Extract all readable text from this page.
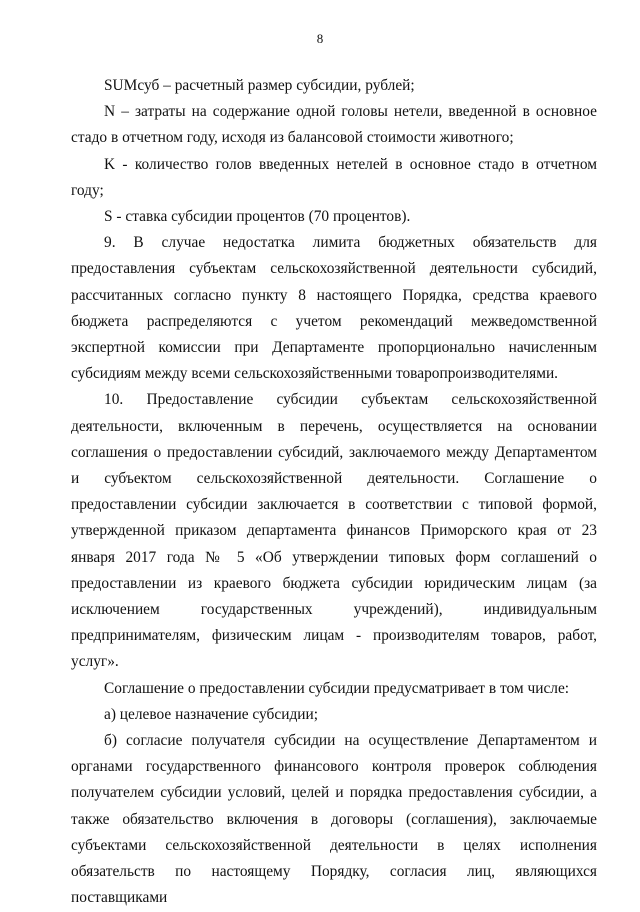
8

SUMсуб – расчетный размер субсидии, рублей;

N – затраты на содержание одной головы нетели, введенной в основное стадо в отчетном году, исходя из балансовой стоимости животного;

K - количество голов введенных нетелей в основное стадо в отчетном году;

S - ставка субсидии процентов (70 процентов).

9. В случае недостатка лимита бюджетных обязательств для предоставления субъектам сельскохозяйственной деятельности субсидий, рассчитанных согласно пункту 8 настоящего Порядка, средства краевого бюджета распределяются с учетом рекомендаций межведомственной экспертной комиссии при Департаменте пропорционально начисленным субсидиям между всеми сельскохозяйственными товаропроизводителями.

10. Предоставление субсидии субъектам сельскохозяйственной деятельности, включенным в перечень, осуществляется на основании соглашения о предоставлении субсидий, заключаемого между Департаментом и субъектом сельскохозяйственной деятельности. Соглашение о предоставлении субсидии заключается в соответствии с типовой формой, утвержденной приказом департамента финансов Приморского края от 23 января 2017 года № 5 «Об утверждении типовых форм соглашений о предоставлении из краевого бюджета субсидии юридическим лицам (за исключением государственных учреждений), индивидуальным предпринимателям, физическим лицам - производителям товаров, работ, услуг».

Соглашение о предоставлении субсидии предусматривает в том числе:

а) целевое назначение субсидии;

б) согласие получателя субсидии на осуществление Департаментом и органами государственного финансового контроля проверок соблюдения получателем субсидии условий, целей и порядка предоставления субсидии, а также обязательство включения в договоры (соглашения), заключаемые субъектами сельскохозяйственной деятельности в целях исполнения обязательств по настоящему Порядку, согласия лиц, являющихся поставщиками
